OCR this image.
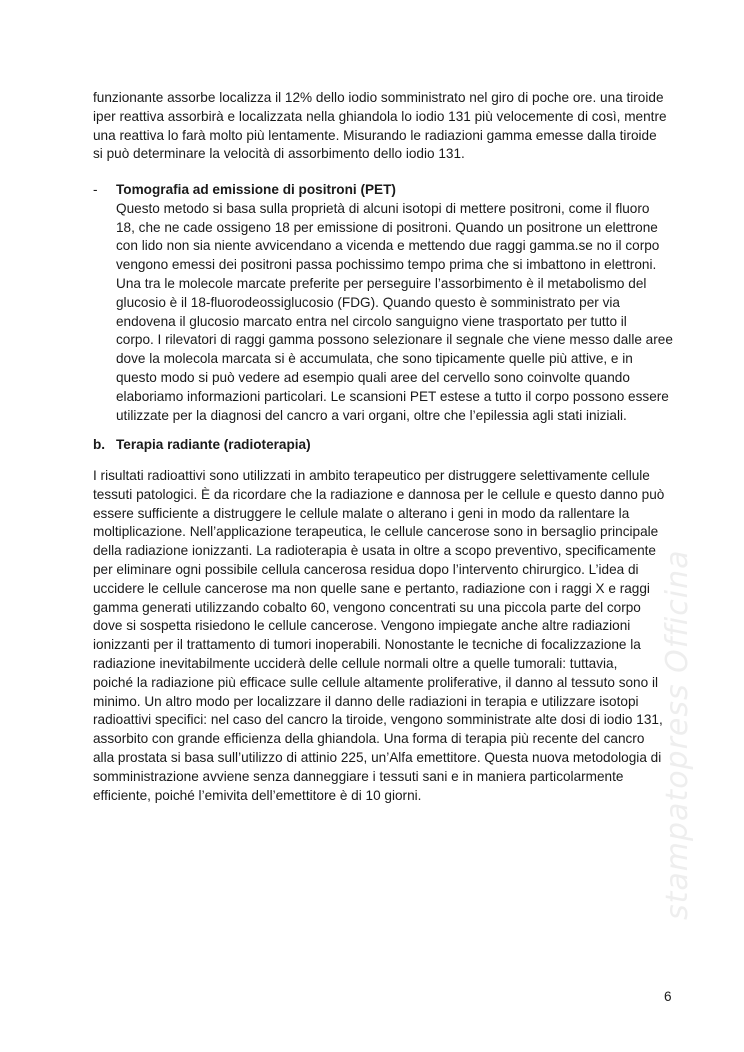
funzionante assorbe localizza il 12% dello iodio somministrato nel giro di poche ore. una tiroide
iper reattiva assorbirà e localizzata nella ghiandola lo iodio 131 più velocemente di così, mentre
una reattiva lo farà molto più lentamente. Misurando le radiazioni gamma emesse dalla tiroide
si può determinare la velocità di assorbimento dello iodio 131.

- Tomografia ad emissione di positroni (PET)
Questo metodo si basa sulla proprietà di alcuni isotopi di mettere positroni, come il fluoro
18, che ne cade ossigeno 18 per emissione di positroni. Quando un positrone un elettrone
con lido non sia niente avvicendano a vicenda e mettendo due raggi gamma.se no il corpo
vengono emessi dei positroni passa pochissimo tempo prima che si imbattono in elettroni.
Una tra le molecole marcate preferite per perseguire l’assorbimento è il metabolismo del
glucosio è il 18-fluorodeossiglucosio (FDG). Quando questo è somministrato per via
endovena il glucosio marcato entra nel circolo sanguigno viene trasportato per tutto il
corpo. I rilevatori di raggi gamma possono selezionare il segnale che viene messo dalle aree
dove la molecola marcata si è accumulata, che sono tipicamente quelle più attive, e in
questo modo si può vedere ad esempio quali aree del cervello sono coinvolte quando
elaboriamo informazioni particolari. Le scansioni PET estese a tutto il corpo possono essere
utilizzate per la diagnosi del cancro a vari organi, oltre che l’epilessia agli stati iniziali.
b. Terapia radiante (radioterapia)

I risultati radioattivi sono utilizzati in ambito terapeutico per distruggere selettivamente cellule
tessuti patologici. È da ricordare che la radiazione e dannosa per le cellule e questo danno può
essere sufficiente a distruggere le cellule malate o alterano i geni in modo da rallentare la
moltiplicazione. Nell’applicazione terapeutica, le cellule cancerose sono in bersaglio principale
della radiazione ionizzanti. La radioterapia è usata in oltre a scopo preventivo, specificamente
per eliminare ogni possibile cellula cancerosa residua dopo l’intervento chirurgico. L’idea di
uccidere le cellule cancerose ma non quelle sane e pertanto, radiazione con i raggi X e raggi
gamma generati utilizzando cobalto 60, vengono concentrati su una piccola parte del corpo
dove si sospetta risiedono le cellule cancerose. Vengono impiegate anche altre radiazioni
ionizzanti per il trattamento di tumori inoperabili. Nonostante le tecniche di focalizzazione la
radiazione inevitabilmente ucciderà delle cellule normali oltre a quelle tumorali: tuttavia,
poiché la radiazione più efficace sulle cellule altamente proliferative, il danno al tessuto sono il
minimo. Un altro modo per localizzare il danno delle radiazioni in terapia e utilizzare isotopi
radioattivi specifici: nel caso del cancro la tiroide, vengono somministrate alte dosi di iodio 131,
assorbito con grande efficienza della ghiandola. Una forma di terapia più recente del cancro
alla prostata si basa sull’utilizzo di attinio 225, un’Alfa emettitore. Questa nuova metodologia di
somministrazione avviene senza danneggiare i tessuti sani e in maniera particolarmente
efficiente, poiché l’emivita dell’emettitore è di 10 giorni.	stampatopress Officina
6
